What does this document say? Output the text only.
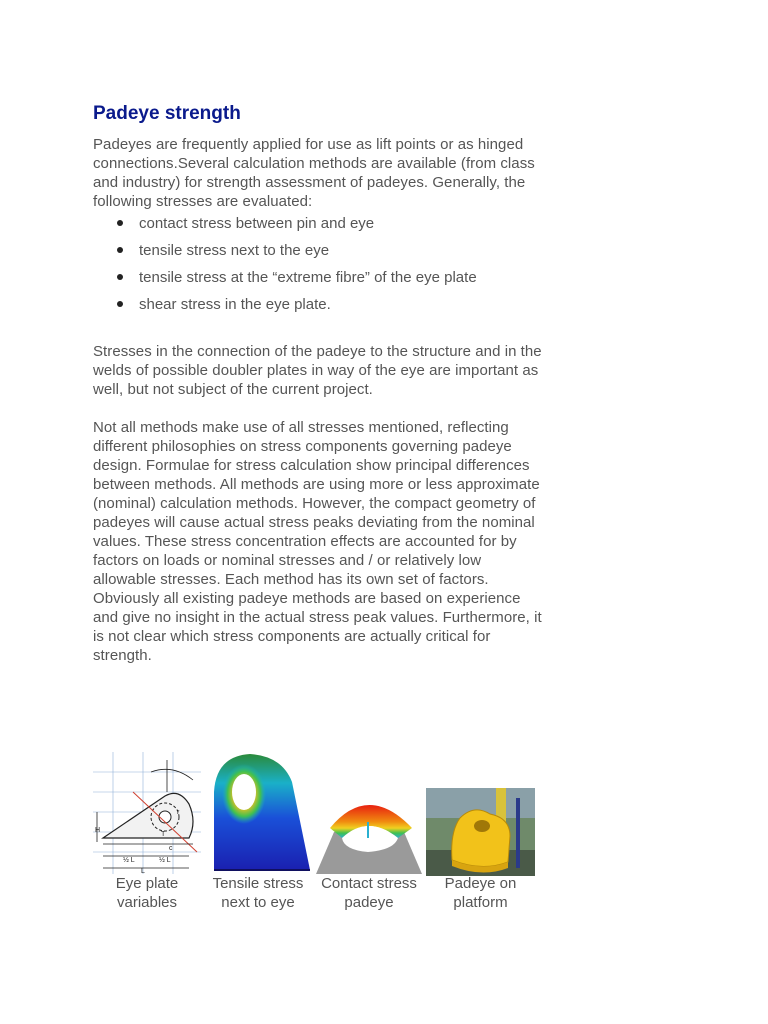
Padeye strength

Padeyes are frequently applied for use as lift points or as hinged connections.Several calculation methods are available (from class and industry) for strength assessment of padeyes. Generally, the following stresses are evaluated:

contact stress between pin and eye
tensile stress next to the eye
tensile stress at the “extreme fibre” of the eye plate
shear stress in the eye plate.

Stresses in the connection of the padeye to the structure and in the welds of possible doubler plates in way of the eye are important as well, but not subject of the current project.

Not all methods make use of all stresses mentioned, reflecting different philosophies on stress components governing padeye design. Formulae for stress calculation show principal differences between methods. All methods are using more or less approximate (nominal) calculation methods. However, the compact geometry of padeyes will cause actual stress peaks deviating from the nominal values. These stress concentration effects are accounted for by factors on loads or nominal stresses and / or relatively low allowable stresses. Each method has its own set of factors. Obviously all existing padeye methods are based on experience and give no insight in the actual stress peak values. Furthermore, it is not clear which stress components are actually critical for strength.

H
½ L	½ L
L
c
r
T
Eye plate
variables
Tensile stress
next to eye
Contact stress
padeye
Padeye on
platform
